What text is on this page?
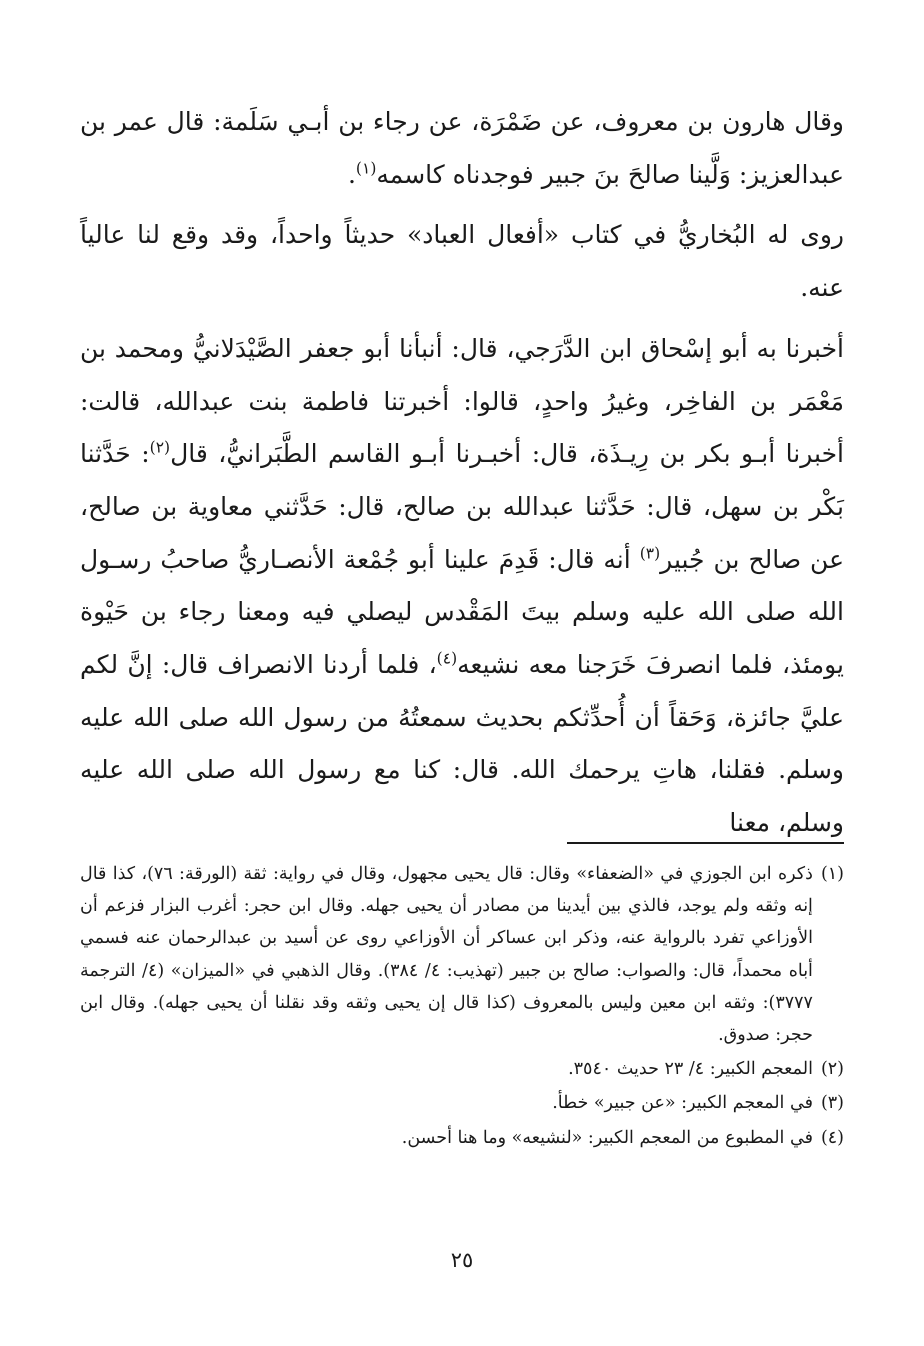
وقال هارون بن معروف، عن ضَمْرَة، عن رجاء بن أبـي سَلَمة: قال عمر بن عبدالعزيز: وَلَّينا صالحَ بنَ جبير فوجدناه كاسمه$^{(١)}$.

روى له البُخاريُّ في كتاب «أفعال العباد» حديثاً واحداً، وقد وقع لنا عالياً عنه.

أخبرنا به أبو إسْحاق ابن الدَّرَجي، قال: أنبأنا أبو جعفر الصَّيْدَلانيُّ ومحمد بن مَعْمَر بن الفاخِر، وغيرُ واحدٍ، قالوا: أخبرتنا فاطمة بنت عبدالله، قالت: أخبرنا أبـو بكر بن رِيـذَة، قال: أخبـرنا أبـو القاسم الطَّبَرانيُّ، قال$^{(٢)}$: حَدَّثنا بَكْر بن سهل، قال: حَدَّثنا عبدالله بن صالح، قال: حَدَّثني معاوية بن صالح، عن صالح بن جُبير$^{(٣)}$ أنه قال: قَدِمَ علينا أبو جُمْعة الأنصـاريُّ صاحبُ رسـول الله صلى الله عليه وسلم بيتَ المَقْدس ليصلي فيه ومعنا رجاء بن حَيْوة يومئذ، فلما انصرفَ خَرَجنا معه نشيعه$^{(٤)}$، فلما أردنا الانصراف قال: إنَّ لكم عليَّ جائزة، وَحَقاً أن أُحدِّثكم بحديث سمعتُهُ من رسول الله صلى الله عليه وسلم. فقلنا، هاتِ يرحمك الله. قال: كنا مع رسول الله صلى الله عليه وسلم، معنا

(١)
ذكره ابن الجوزي في «الضعفاء» وقال: قال يحيى مجهول، وقال في رواية: ثقة (الورقة: ٧٦)، كذا قال إنه وثقه ولم يوجد، فالذي بين أيدينا من مصادر أن يحيى جهله. وقال ابن حجر: أغرب البزار فزعم أن الأوزاعي تفرد بالرواية عنه، وذكر ابن عساكر أن الأوزاعي روى عن أسيد بن عبدالرحمان عنه فسمي أباه محمداً، قال: والصواب: صالح بن جبير (تهذيب: ٤/ ٣٨٤). وقال الذهبي في «الميزان» (٤/ الترجمة ٣٧٧٧): وثقه ابن معين وليس بالمعروف (كذا قال إن يحيى وثقه وقد نقلنا أن يحيى جهله). وقال ابن حجر: صدوق.
(٢)
المعجم الكبير: ٤/ ٢٣ حديث ٣٥٤٠.
(٣)
في المعجم الكبير: «عن جبير» خطأ.
(٤)
في المطبوع من المعجم الكبير: «لنشيعه» وما هنا أحسن.
٢٥
